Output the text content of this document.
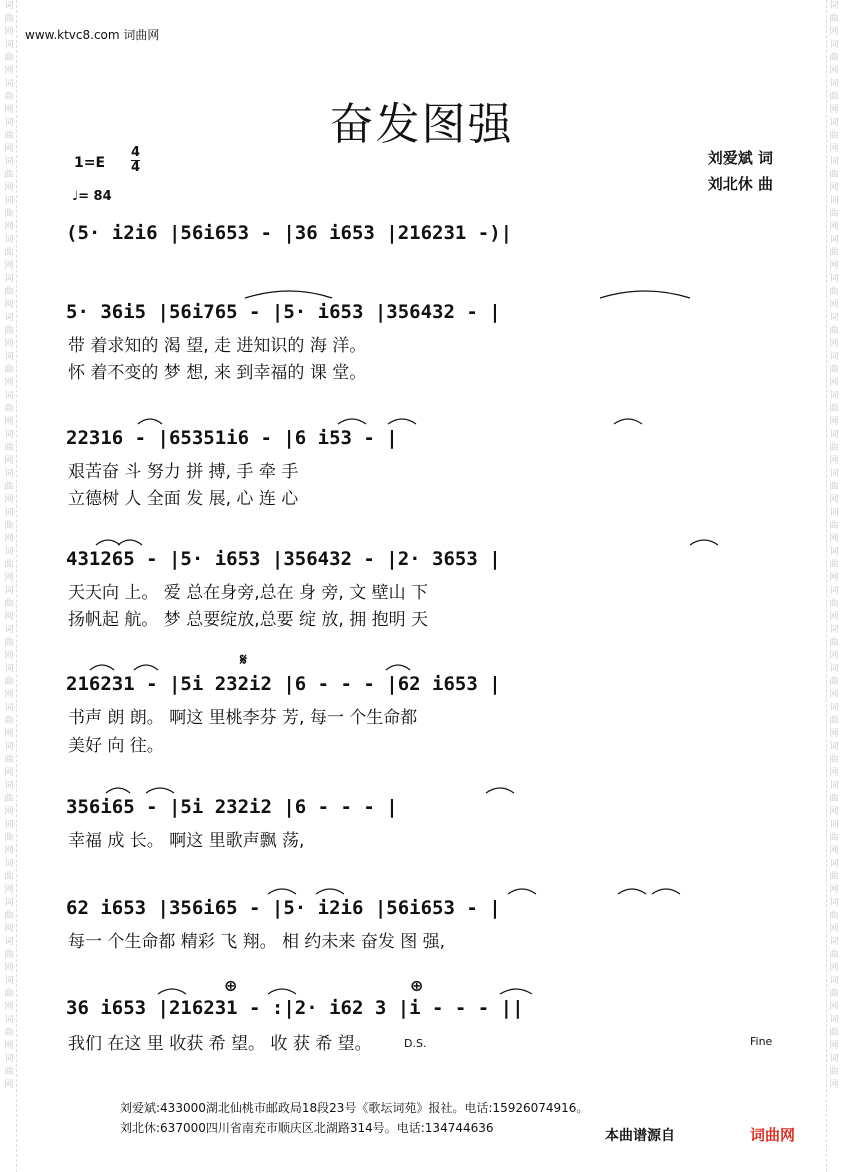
词曲网词曲网词曲网词曲网词曲网词曲网词曲网词曲网词曲网词曲网词曲网词曲网词曲网词曲网词曲网词曲网词曲网词曲网词曲网词曲网词曲网词曲网词曲网词曲网词曲网词曲网词曲网词曲网
词曲网词曲网词曲网词曲网词曲网词曲网词曲网词曲网词曲网词曲网词曲网词曲网词曲网词曲网词曲网词曲网词曲网词曲网词曲网词曲网词曲网词曲网词曲网词曲网词曲网词曲网词曲网词曲网
www.ktvc8.com 词曲网
奋发图强
1=E
4
4
♩= 84
刘爱斌 词
刘北休 曲
(5· i2i6 |56i653 - |36 i653 |216231 -)|
5· 36i5 |56i765 - |5· i653 |356432 - |
带 着求知的 渴 望, 走 进知识的 海 洋。
怀 着不变的 梦 想, 来 到幸福的 课 堂。
22316 - |65351i6 - |6 i53 - |
艰苦奋 斗 努力 拼 搏, 手 牵 手
立德树 人 全面 发 展, 心 连 心
431265 - |5· i653 |356432 - |2· 3653 |
天天向 上。 爱 总在身旁,总在 身 旁, 文 壁山 下
扬帆起 航。 梦 总要绽放,总要 绽 放, 拥 抱明 天
𝄋
216231 - |5i 232i2 |6 - - - |62 i653 |
书声 朗 朗。 啊这 里桃李芬 芳, 每一 个生命都
美好 向 往。
356i65 - |5i 232i2 |6 - - - |
幸福 成 长。 啊这 里歌声飘 荡,
62 i653 |356i65 - |5· i2i6 |56i653 - |
每一 个生命都 精彩 飞 翔。 相 约未来 奋发 图 强,
⊕	⊕
36 i653 |216231 - :|2· i62 3 |i - - - ||
我们 在这 里 收获 希 望。 收 获 希 望。	D.S.	Fine
刘爱斌:433000湖北仙桃市邮政局18段23号《歌坛词苑》报社。电话:15926074916。
刘北休:637000四川省南充市顺庆区北湖路314号。电话:134744636	本曲谱源自	词曲网
